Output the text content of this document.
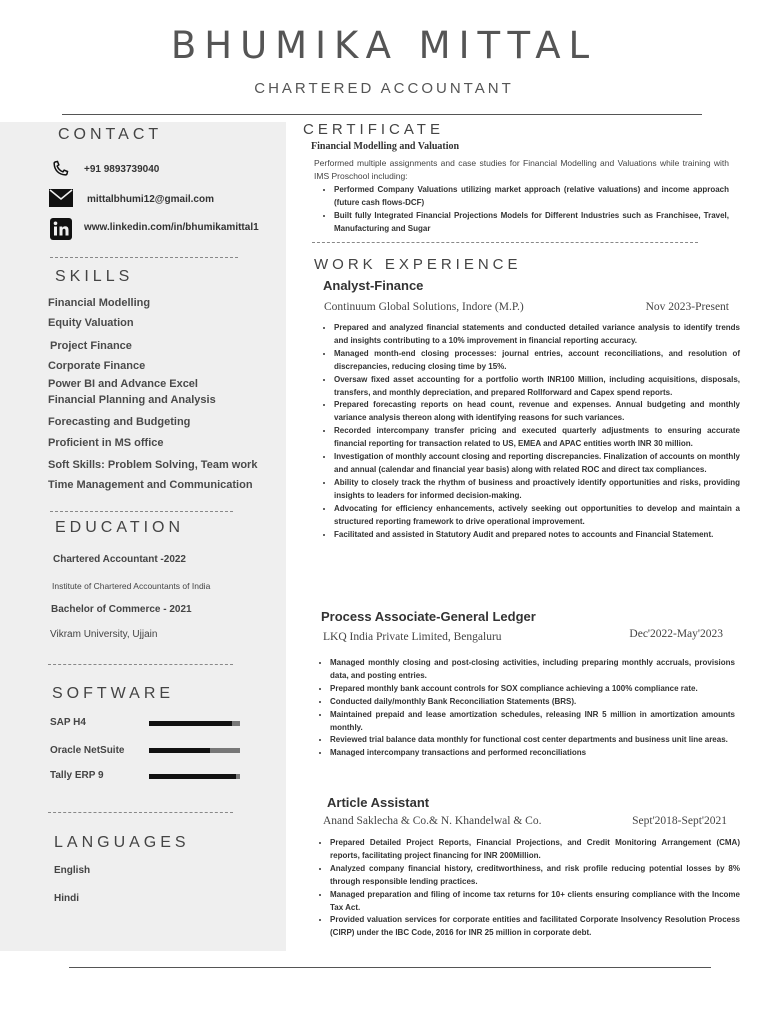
BHUMIKA MITTAL
CHARTERED ACCOUNTANT
CONTACT
+91 9893739040
mittalbhumi12@gmail.com
www.linkedin.com/in/bhumikamittal1
SKILLS
Financial Modelling
Equity Valuation
Project Finance
Corporate Finance
Power BI and Advance Excel
Financial Planning and Analysis
Forecasting and Budgeting
Proficient in MS office
Soft Skills: Problem Solving, Team work
Time Management and Communication
EDUCATION
Chartered Accountant -2022
Institute of Chartered Accountants of India
Bachelor of Commerce - 2021
Vikram University, Ujjain
SOFTWARE
SAP H4
Oracle NetSuite
Tally ERP 9
LANGUAGES
English
Hindi
CERTIFICATE
Financial Modelling and Valuation
Performed multiple assignments and case studies for Financial Modelling and Valuations while training with IMS Proschool including:
• Performed Company Valuations utilizing market approach (relative valuations) and income approach (future cash flows-DCF)
• Built fully Integrated Financial Projections Models for Different Industries such as Franchisee, Travel, Manufacturing and Sugar
WORK EXPERIENCE
Analyst-Finance
Continuum Global Solutions, Indore (M.P.)	Nov 2023-Present
• Prepared and analyzed financial statements and conducted detailed variance analysis to identify trends and insights contributing to a 10% improvement in financial reporting accuracy.
• Managed month-end closing processes: journal entries, account reconciliations, and resolution of discrepancies, reducing closing time by 15%.
• Oversaw fixed asset accounting for a portfolio worth INR100 Million, including acquisitions, disposals, transfers, and monthly depreciation, and prepared Rollforward and Capex spend reports.
• Prepared forecasting reports on head count, revenue and expenses. Annual budgeting and monthly variance analysis thereon along with identifying reasons for such variances.
• Recorded intercompany transfer pricing and executed quarterly adjustments to ensuring accurate financial reporting for transaction related to US, EMEA and APAC entities worth INR 30 million.
• Investigation of monthly account closing and reporting discrepancies. Finalization of accounts on monthly and annual (calendar and financial year basis) along with related ROC and direct tax compliances.
• Ability to closely track the rhythm of business and proactively identify opportunities and risks, providing insights to leaders for informed decision-making.
• Advocating for efficiency enhancements, actively seeking out opportunities to develop and maintain a structured reporting framework to drive operational improvement.
• Facilitated and assisted in Statutory Audit and prepared notes to accounts and Financial Statement.
Process Associate-General Ledger
LKQ India Private Limited, Bengaluru	Dec'2022-May'2023
• Managed monthly closing and post-closing activities, including preparing monthly accruals, provisions data, and posting entries.
• Prepared monthly bank account controls for SOX compliance achieving a 100% compliance rate.
• Conducted daily/monthly Bank Reconciliation Statements (BRS).
• Maintained prepaid and lease amortization schedules, releasing INR 5 million in amortization amounts monthly.
• Reviewed trial balance data monthly for functional cost center departments and business unit line areas.
• Managed intercompany transactions and performed reconciliations
Article Assistant
Anand Saklecha & Co.& N. Khandelwal & Co.	Sept'2018-Sept'2021
• Prepared Detailed Project Reports, Financial Projections, and Credit Monitoring Arrangement (CMA) reports, facilitating project financing for INR 200Million.
• Analyzed company financial history, creditworthiness, and risk profile reducing potential losses by 8% through responsible lending practices.
• Managed preparation and filing of income tax returns for 10+ clients ensuring compliance with the Income Tax Act.
• Provided valuation services for corporate entities and facilitated Corporate Insolvency Resolution Process (CIRP) under the IBC Code, 2016 for INR 25 million in corporate debt.
